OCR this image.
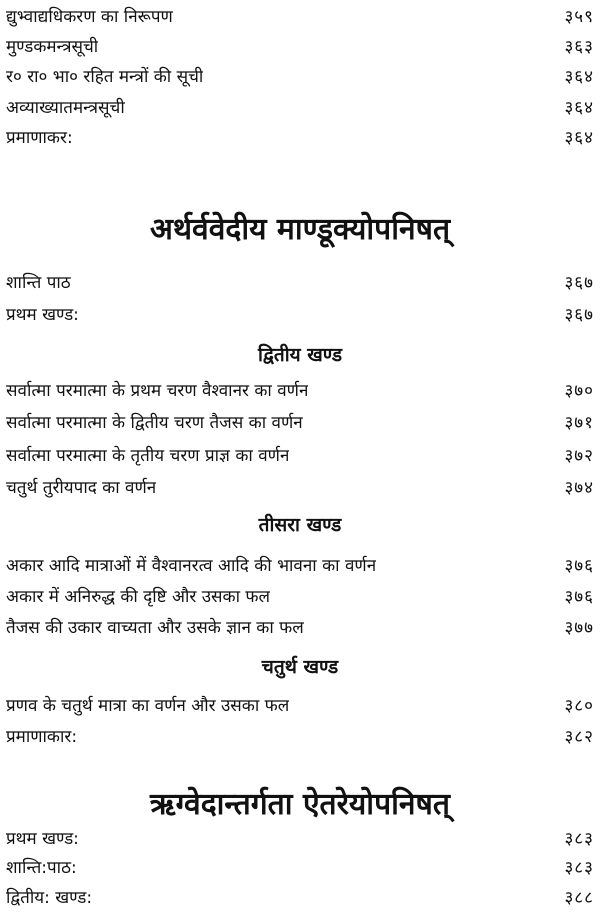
द्युभ्वाद्यधिकरण का निरूपण	३५९
मुण्डकमन्त्रसूची	३६३
र० रा० भा० रहित मन्त्रों की सूची	३६४
अव्याख्यातमन्त्रसूची	३६४
प्रमाणाकर:	३६४
अर्थर्ववेदीय माण्डूक्योपनिषत्
शान्ति पाठ	३६७
प्रथम खण्ड:	३६७
द्वितीय खण्ड
सर्वात्मा परमात्मा के प्रथम चरण वैश्वानर का वर्णन	३७०
सर्वात्मा परमात्मा के द्वितीय चरण तैजस का वर्णन	३७१
सर्वात्मा परमात्मा के तृतीय चरण प्राज्ञ का वर्णन	३७२
चतुर्थ तुरीयपाद का वर्णन	३७४
तीसरा खण्ड
अकार आदि मात्राओं में वैश्वानरत्व आदि की भावना का वर्णन	३७६
अकार में अनिरुद्ध की दृष्टि और उसका फल	३७६
तैजस की उकार वाच्यता और उसके ज्ञान का फल	३७७
चतुर्थ खण्ड
प्रणव के चतुर्थ मात्रा का वर्णन और उसका फल	३८०
प्रमाणाकार:	३८२
ऋग्वेदान्तर्गता ऐतरेयोपनिषत्
प्रथम खण्ड:	३८३
शान्ति:पाठ:	३८३
द्वितीय: खण्ड:	३८८
